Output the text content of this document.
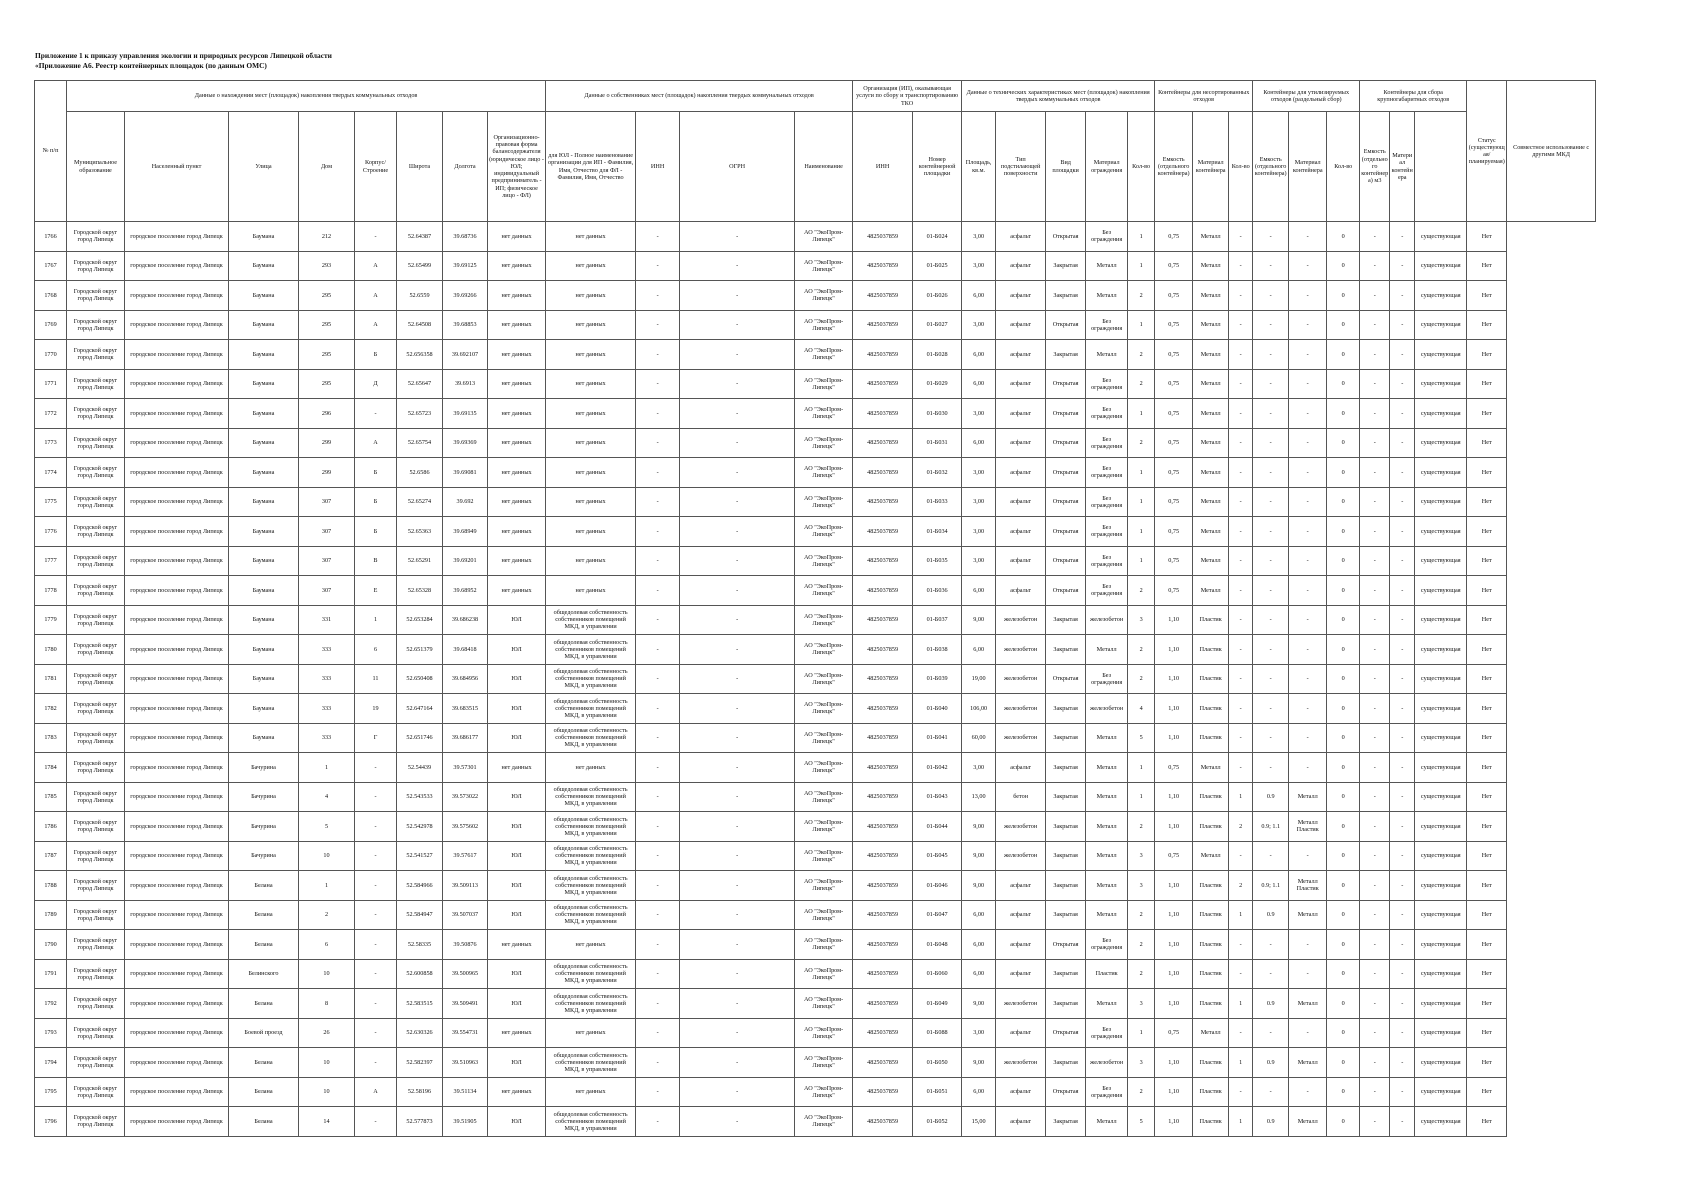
Приложение 1 к приказу управления экологии и природных ресурсов Липецкой области
«Приложение А6. Реестр контейнерных площадок (по данным ОМС)
№ п/п	Данные о нахождении мест (площадок) накопления твердых коммунальных отходов								Данные о собственниках мест (площадок) накопления твердых коммунальных отходов				Организация (ИП), оказывающая услуги по сбору и транспортированию ТКО		Данные о технических характеристиках мест (площадок) накопления твердых коммунальных отходов					Контейнеры для несортированных отходов			Контейнеры для утилизируемых отходов (раздельный сбор)			Контейнеры для сбора крупногабаритных отходов			Статус (существующая/планируемая)	Совместное использование с другими МКД
	Муниципальное образование	Населенный пункт	Улица	Дом	Корпус/Строение	Широта	Долгота	Организационно-правовая форма балансодержателя (юридическое лицо - ЮЛ; индивидуальный предприниматель - ИП; физическое лицо - ФЛ)	для ЮЛ - Полное наименование организации для ИП - Фамилия, Имя, Отчество для ФЛ - Фамилия, Имя, Отчество	ИНН	ОГРН	Наименование	ИНН	Номер контейнерной площадки	Площадь, кв.м.	Тип подстилающей поверхности	Вид площадки	Материал ограждения	Кол-во	Емкость (отдельного контейнера)	Материал контейнера	Кол-во	Емкость (отдельного контейнера)	Материал контейнера	Кол-во	Емкость (отдельного контейнера) м3	Материал контейнера			

1766	Городской округ город Липецк	городское поселение город Липецк	Баумана	212	-	52.64387	39.68736	нет данных	нет данных	-	-	АО "ЭкоПром-Липецк"	4825037859	01-Б024	3,00	асфальт	Открытая	Без ограждения	1	0,75	Металл	-	-	-	0	-	-	существующая	Нет	

1767	Городской округ город Липецк	городское поселение город Липецк	Баумана	293	А	52.65499	39.69125	нет данных	нет данных	-	-	АО "ЭкоПром-Липецк"	4825037859	01-Б025	3,00	асфальт	Закрытая	Металл	1	0,75	Металл	-	-	-	0	-	-	существующая	Нет	

1768	Городской округ город Липецк	городское поселение город Липецк	Баумана	295	А	52.6559	39.69266	нет данных	нет данных	-	-	АО "ЭкоПром-Липецк"	4825037859	01-Б026	6,00	асфальт	Закрытая	Металл	2	0,75	Металл	-	-	-	0	-	-	существующая	Нет	

1769	Городской округ город Липецк	городское поселение город Липецк	Баумана	295	А	52.64508	39.68853	нет данных	нет данных	-	-	АО "ЭкоПром-Липецк"	4825037859	01-Б027	3,00	асфальт	Открытая	Без ограждения	1	0,75	Металл	-	-	-	0	-	-	существующая	Нет	

1770	Городской округ город Липецк	городское поселение город Липецк	Баумана	295	Б	52.656358	39.692107	нет данных	нет данных	-	-	АО "ЭкоПром-Липецк"	4825037859	01-Б028	6,00	асфальт	Закрытая	Металл	2	0,75	Металл	-	-	-	0	-	-	существующая	Нет	

1771	Городской округ город Липецк	городское поселение город Липецк	Баумана	295	Д	52.65647	39.6913	нет данных	нет данных	-	-	АО "ЭкоПром-Липецк"	4825037859	01-Б029	6,00	асфальт	Открытая	Без ограждения	2	0,75	Металл	-	-	-	0	-	-	существующая	Нет	

1772	Городской округ город Липецк	городское поселение город Липецк	Баумана	296	-	52.65723	39.69135	нет данных	нет данных	-	-	АО "ЭкоПром-Липецк"	4825037859	01-Б030	3,00	асфальт	Открытая	Без ограждения	1	0,75	Металл	-	-	-	0	-	-	существующая	Нет	

1773	Городской округ город Липецк	городское поселение город Липецк	Баумана	299	А	52.65754	39.69369	нет данных	нет данных	-	-	АО "ЭкоПром-Липецк"	4825037859	01-Б031	6,00	асфальт	Открытая	Без ограждения	2	0,75	Металл	-	-	-	0	-	-	существующая	Нет	

1774	Городской округ город Липецк	городское поселение город Липецк	Баумана	299	Б	52.6586	39.69081	нет данных	нет данных	-	-	АО "ЭкоПром-Липецк"	4825037859	01-Б032	3,00	асфальт	Открытая	Без ограждения	1	0,75	Металл	-	-	-	0	-	-	существующая	Нет	

1775	Городской округ город Липецк	городское поселение город Липецк	Баумана	307	Б	52.65274	39.692	нет данных	нет данных	-	-	АО "ЭкоПром-Липецк"	4825037859	01-Б033	3,00	асфальт	Открытая	Без ограждения	1	0,75	Металл	-	-	-	0	-	-	существующая	Нет	

1776	Городской округ город Липецк	городское поселение город Липецк	Баумана	307	Б	52.65363	39.68949	нет данных	нет данных	-	-	АО "ЭкоПром-Липецк"	4825037859	01-Б034	3,00	асфальт	Открытая	Без ограждения	1	0,75	Металл	-	-	-	0	-	-	существующая	Нет	

1777	Городской округ город Липецк	городское поселение город Липецк	Баумана	307	В	52.65291	39.69201	нет данных	нет данных	-	-	АО "ЭкоПром-Липецк"	4825037859	01-Б035	3,00	асфальт	Открытая	Без ограждения	1	0,75	Металл	-	-	-	0	-	-	существующая	Нет	

1778	Городской округ город Липецк	городское поселение город Липецк	Баумана	307	Е	52.65328	39.68952	нет данных	нет данных	-	-	АО "ЭкоПром-Липецк"	4825037859	01-Б036	6,00	асфальт	Открытая	Без ограждения	2	0,75	Металл	-	-	-	0	-	-	существующая	Нет	

1779	Городской округ город Липецк	городское поселение город Липецк	Баумана	331	1	52.653284	39.686238	ЮЛ	общедолевая собственность собственников помещений МКД, в управлении	-	-	АО "ЭкоПром-Липецк"	4825037859	01-Б037	9,00	железобетон	Закрытая	железобетон	3	1,10	Пластик	-	-	-	0	-	-	существующая	Нет	

1780	Городской округ город Липецк	городское поселение город Липецк	Баумана	333	6	52.651379	39.68418	ЮЛ	общедолевая собственность собственников помещений МКД, в управлении	-	-	АО "ЭкоПром-Липецк"	4825037859	01-Б038	6,00	железобетон	Закрытая	Металл	2	1,10	Пластик	-	-	-	0	-	-	существующая	Нет	

1781	Городской округ город Липецк	городское поселение город Липецк	Баумана	333	11	52.650408	39.684956	ЮЛ	общедолевая собственность собственников помещений МКД, в управлении	-	-	АО "ЭкоПром-Липецк"	4825037859	01-Б039	19,00	железобетон	Открытая	Без ограждения	2	1,10	Пластик	-	-	-	0	-	-	существующая	Нет	

1782	Городской округ город Липецк	городское поселение город Липецк	Баумана	333	19	52.647164	39.683515	ЮЛ	общедолевая собственность собственников помещений МКД, в управлении	-	-	АО "ЭкоПром-Липецк"	4825037859	01-Б040	106,00	железобетон	Закрытая	железобетон	4	1,10	Пластик	-	-	-	0	-	-	существующая	Нет	

1783	Городской округ город Липецк	городское поселение город Липецк	Баумана	333	Г	52.651746	39.686177	ЮЛ	общедолевая собственность собственников помещений МКД, в управлении	-	-	АО "ЭкоПром-Липецк"	4825037859	01-Б041	60,00	железобетон	Закрытая	Металл	5	1,10	Пластик	-	-	-	0	-	-	существующая	Нет	

1784	Городской округ город Липецк	городское поселение город Липецк	Бачурина	1	-	52.54439	39.57301	нет данных	нет данных	-	-	АО "ЭкоПром-Липецк"	4825037859	01-Б042	3,00	асфальт	Закрытая	Металл	1	0,75	Металл	-	-	-	0	-	-	существующая	Нет	

1785	Городской округ город Липецк	городское поселение город Липецк	Бачурина	4	-	52.543533	39.573022	ЮЛ	общедолевая собственность собственников помещений МКД, в управлении	-	-	АО "ЭкоПром-Липецк"	4825037859	01-Б043	13,00	бетон	Закрытая	Металл	1	1,10	Пластик	1	0.9	Металл	0	-	-	существующая	Нет	

1786	Городской округ город Липецк	городское поселение город Липецк	Бачурина	5	-	52.542978	39.575602	ЮЛ	общедолевая собственность собственников помещений МКД, в управлении	-	-	АО "ЭкоПром-Липецк"	4825037859	01-Б044	9,00	железобетон	Закрытая	Металл	2	1,10	Пластик	2	0.9; 1.1	Металл Пластик	0	-	-	существующая	Нет	

1787	Городской округ город Липецк	городское поселение город Липецк	Бачурина	10	-	52.541527	39.57617	ЮЛ	общедолевая собственность собственников помещений МКД, в управлении	-	-	АО "ЭкоПром-Липецк"	4825037859	01-Б045	9,00	железобетон	Закрытая	Металл	3	0,75	Металл	-	-	-	0	-	-	существующая	Нет	

1788	Городской округ город Липецк	городское поселение город Липецк	Белана	1	-	52.584966	39.509113	ЮЛ	общедолевая собственность собственников помещений МКД, в управлении	-	-	АО "ЭкоПром-Липецк"	4825037859	01-Б046	9,00	асфальт	Закрытая	Металл	3	1,10	Пластик	2	0.9; 1.1	Металл Пластик	0	-	-	существующая	Нет	

1789	Городской округ город Липецк	городское поселение город Липецк	Белана	2	-	52.584947	39.507037	ЮЛ	общедолевая собственность собственников помещений МКД, в управлении	-	-	АО "ЭкоПром-Липецк"	4825037859	01-Б047	6,00	асфальт	Закрытая	Металл	2	1,10	Пластик	1	0.9	Металл	0	-	-	существующая	Нет	

1790	Городской округ город Липецк	городское поселение город Липецк	Белана	6	-	52.58335	39.50876	нет данных	нет данных	-	-	АО "ЭкоПром-Липецк"	4825037859	01-Б048	6,00	асфальт	Открытая	Без ограждения	2	1,10	Пластик	-	-	-	0	-	-	существующая	Нет	

1791	Городской округ город Липецк	городское поселение город Липецк	Белинского	10	-	52.600858	39.500965	ЮЛ	общедолевая собственность собственников помещений МКД, в управлении	-	-	АО "ЭкоПром-Липецк"	4825037859	01-Б060	6,00	асфальт	Закрытая	Пластик	2	1,10	Пластик	-	-	-	0	-	-	существующая	Нет	

1792	Городской округ город Липецк	городское поселение город Липецк	Белана	8	-	52.583515	39.509491	ЮЛ	общедолевая собственность собственников помещений МКД, в управлении	-	-	АО "ЭкоПром-Липецк"	4825037859	01-Б049	9,00	железобетон	Закрытая	Металл	3	1,10	Пластик	1	0.9	Металл	0	-	-	существующая	Нет	

1793	Городской округ город Липецк	городское поселение город Липецк	Боевой проезд	26	-	52.630326	39.554731	нет данных	нет данных	-	-	АО "ЭкоПром-Липецк"	4825037859	01-Б088	3,00	асфальт	Открытая	Без ограждения	1	0,75	Металл	-	-	-	0	-	-	существующая	Нет	

1794	Городской округ город Липецк	городское поселение город Липецк	Белана	10	-	52.582397	39.510963	ЮЛ	общедолевая собственность собственников помещений МКД, в управлении	-	-	АО "ЭкоПром-Липецк"	4825037859	01-Б050	9,00	железобетон	Закрытая	железобетон	3	1,10	Пластик	1	0.9	Металл	0	-	-	существующая	Нет	

1795	Городской округ город Липецк	городское поселение город Липецк	Белана	10	А	52.58196	39.51134	нет данных	нет данных	-	-	АО "ЭкоПром-Липецк"	4825037859	01-Б051	6,00	асфальт	Открытая	Без ограждения	2	1,10	Пластик	-	-	-	0	-	-	существующая	Нет	

1796	Городской округ город Липецк	городское поселение город Липецк	Белана	14	-	52.577873	39.51905	ЮЛ	общедолевая собственность собственников помещений МКД, в управлении	-	-	АО "ЭкоПром-Липецк"	4825037859	01-Б052	15,00	асфальт	Закрытая	Металл	5	1,10	Пластик	1	0.9	Металл	0	-	-	существующая	Нет	
